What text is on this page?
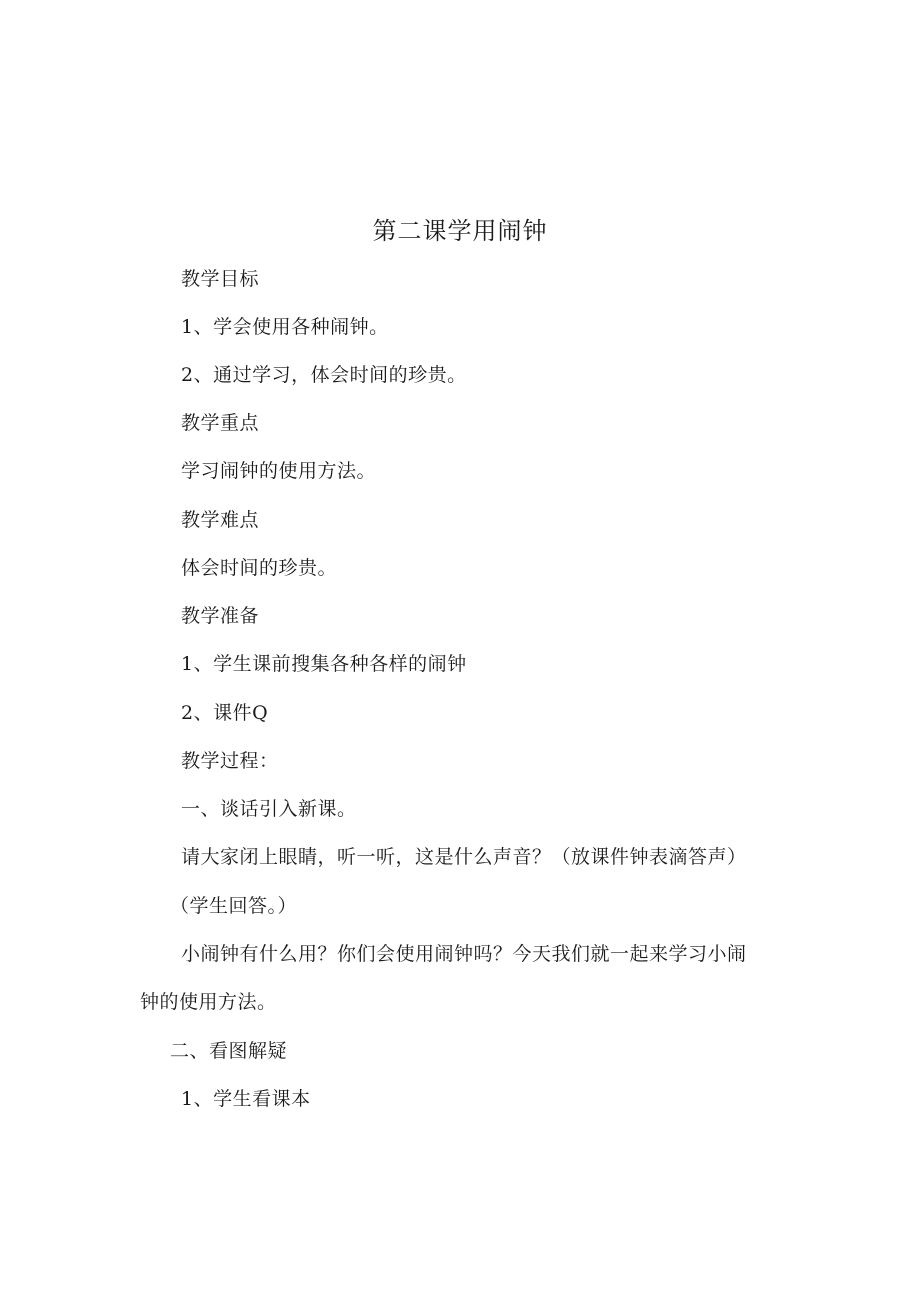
第二课学用闹钟
教学目标
1、学会使用各种闹钟。
2、通过学习，体会时间的珍贵。
教学重点
学习闹钟的使用方法。
教学难点
体会时间的珍贵。
教学准备
1、学生课前搜集各种各样的闹钟
2、课件Q
教学过程：
一、谈话引入新课。
请大家闭上眼睛，听一听，这是什么声音？（放课件钟表滴答声）
（学生回答。）
小闹钟有什么用？你们会使用闹钟吗？今天我们就一起来学习小闹
钟的使用方法。
二、看图解疑
1、学生看课本
